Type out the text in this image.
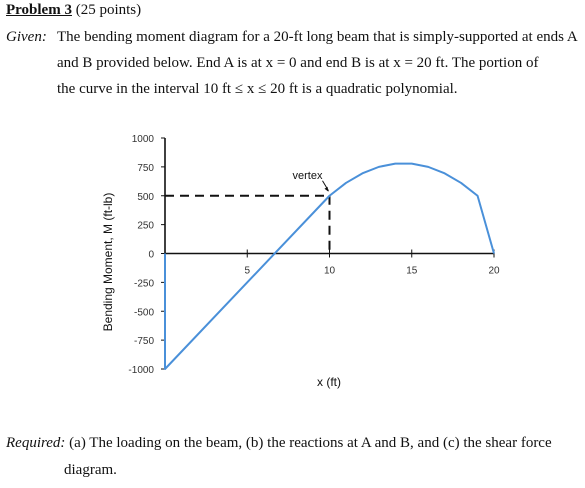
Problem 3 (25 points)
Given: The bending moment diagram for a 20-ft long beam that is simply-supported at ends A
and B provided below. End A is at x = 0 and end B is at x = 20 ft. The portion of
the curve in the interval 10 ft ≤ x ≤ 20 ft is a quadratic polynomial.
1000
750
500
250
0
-250
-500
-750
-1000
5	10	15	20
vertex
Bending Moment, M (ft-lb)
x (ft)
Required: (a) The loading on the beam, (b) the reactions at A and B, and (c) the shear force
diagram.
